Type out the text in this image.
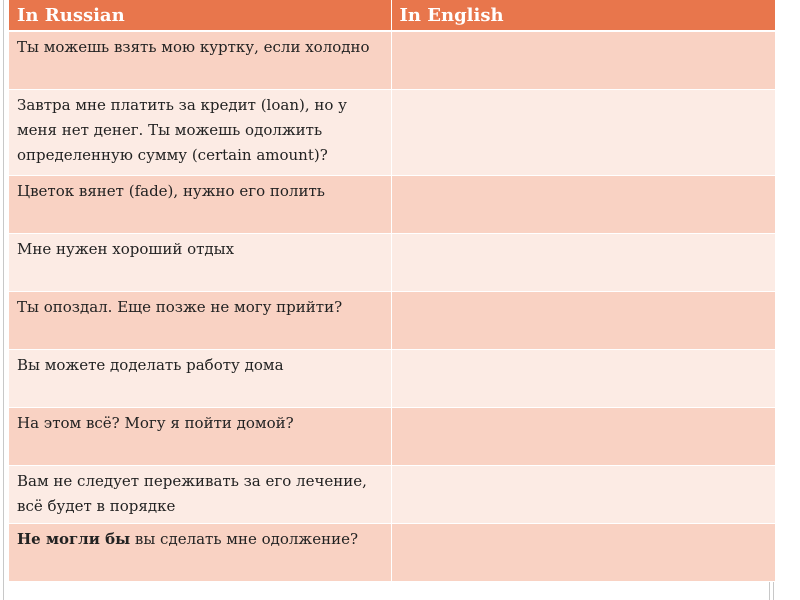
In Russian	In English
Ты можешь взять мою куртку, если холодно	
Завтра мне платить за кредит (loan), но у меня нет денег. Ты можешь одолжить определенную сумму (certain amount)?	
Цветок вянет (fade), нужно его полить	
Мне нужен хороший отдых	
Ты опоздал. Еще позже не могу прийти?	
Вы можете доделать работу дома	
На этом всё? Могу я пойти домой?	
Вам не следует переживать за его лечение, всё будет в порядке	
Не могли бы вы сделать мне одолжение?	
